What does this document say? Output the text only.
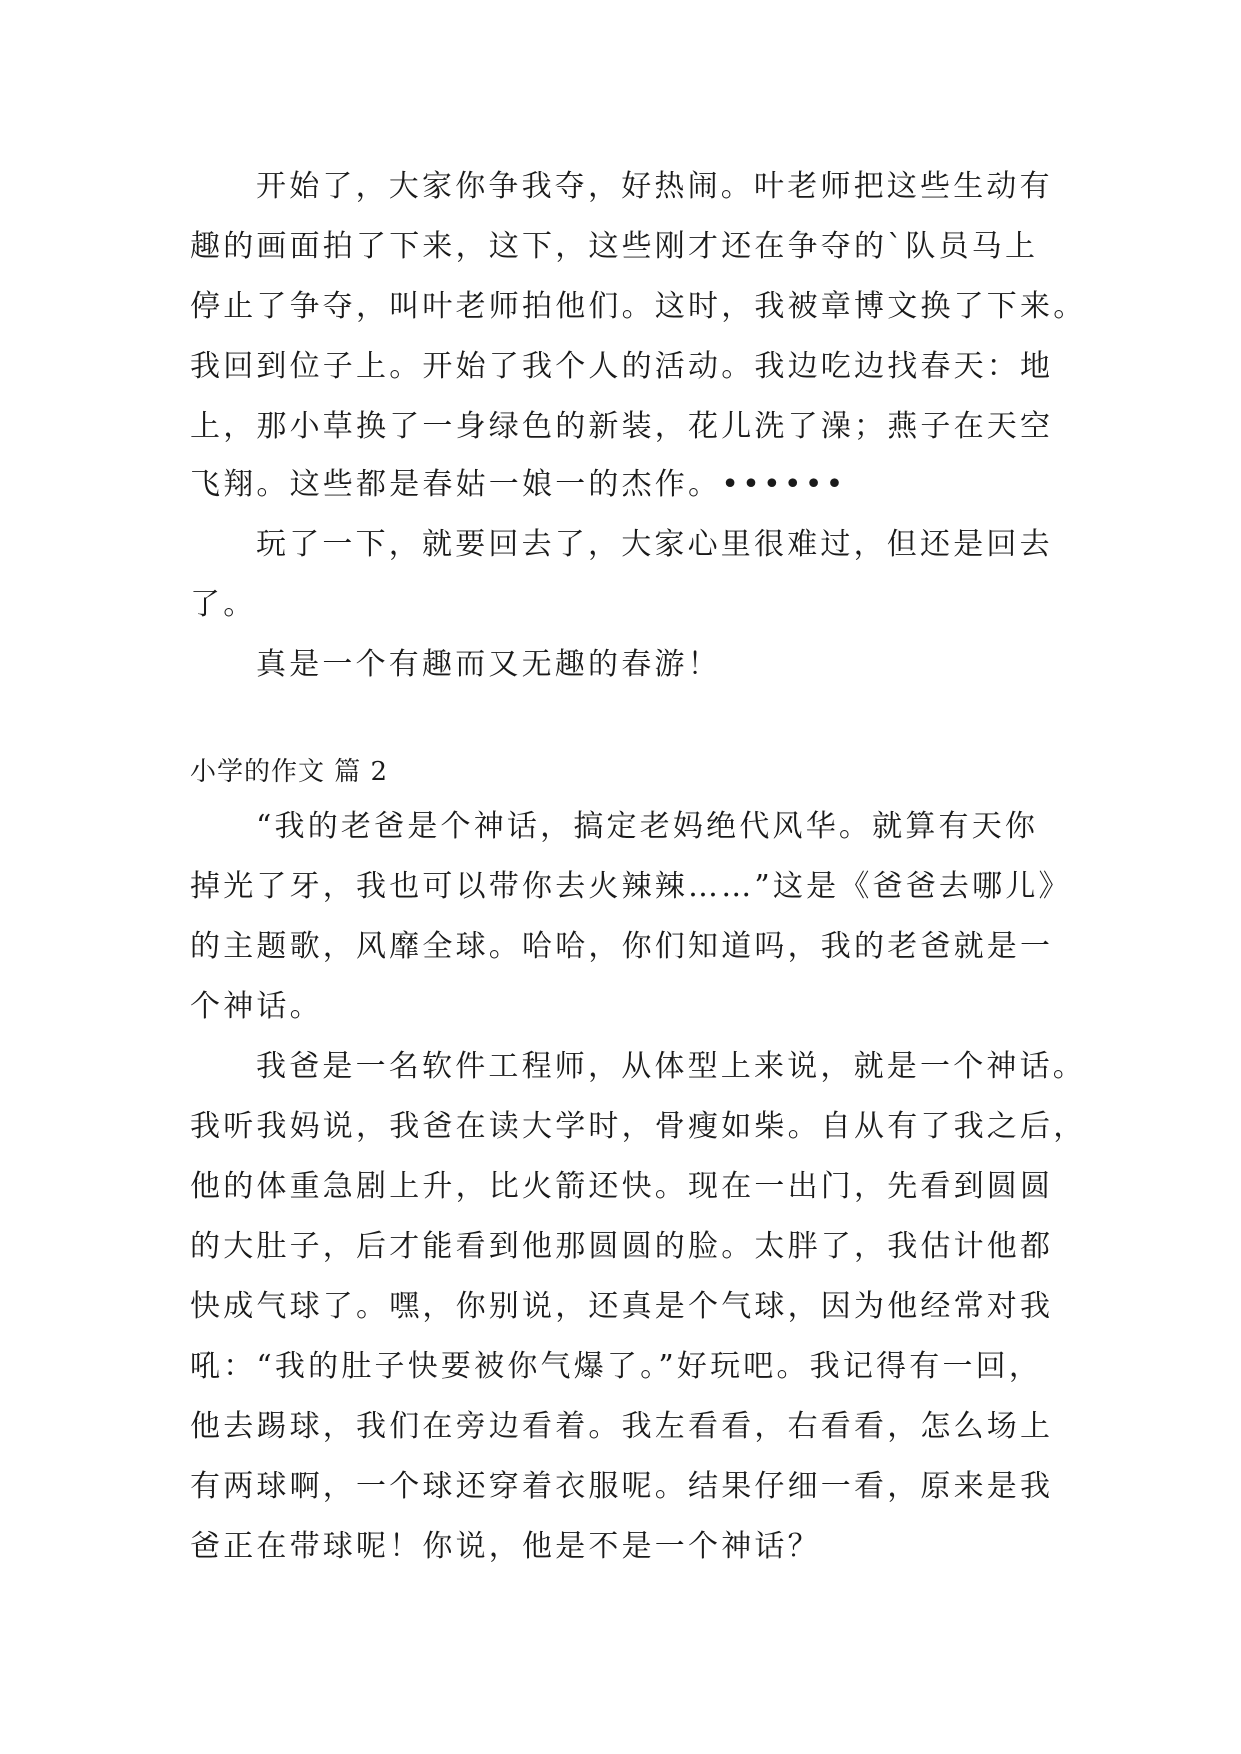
开始了，大家你争我夺，好热闹。叶老师把这些生动有
趣的画面拍了下来，这下，这些刚才还在争夺的`队员马上
停止了争夺，叫叶老师拍他们。这时，我被章博文换了下来。
我回到位子上。开始了我个人的活动。我边吃边找春天：地
上，那小草换了一身绿色的新装，花儿洗了澡；燕子在天空
飞翔。这些都是春姑一娘一的杰作。••••••
玩了一下，就要回去了，大家心里很难过，但还是回去
了。
真是一个有趣而又无趣的春游！
小学的作文 篇 2
“我的老爸是个神话，搞定老妈绝代风华。就算有天你
掉光了牙，我也可以带你去火辣辣……”这是《爸爸去哪儿》
的主题歌，风靡全球。哈哈，你们知道吗，我的老爸就是一
个神话。
我爸是一名软件工程师，从体型上来说，就是一个神话。
我听我妈说，我爸在读大学时，骨瘦如柴。自从有了我之后，
他的体重急剧上升，比火箭还快。现在一出门，先看到圆圆
的大肚子，后才能看到他那圆圆的脸。太胖了，我估计他都
快成气球了。嘿，你别说，还真是个气球，因为他经常对我
吼：“我的肚子快要被你气爆了。”好玩吧。我记得有一回，
他去踢球，我们在旁边看着。我左看看，右看看，怎么场上
有两球啊，一个球还穿着衣服呢。结果仔细一看，原来是我
爸正在带球呢！你说，他是不是一个神话？
